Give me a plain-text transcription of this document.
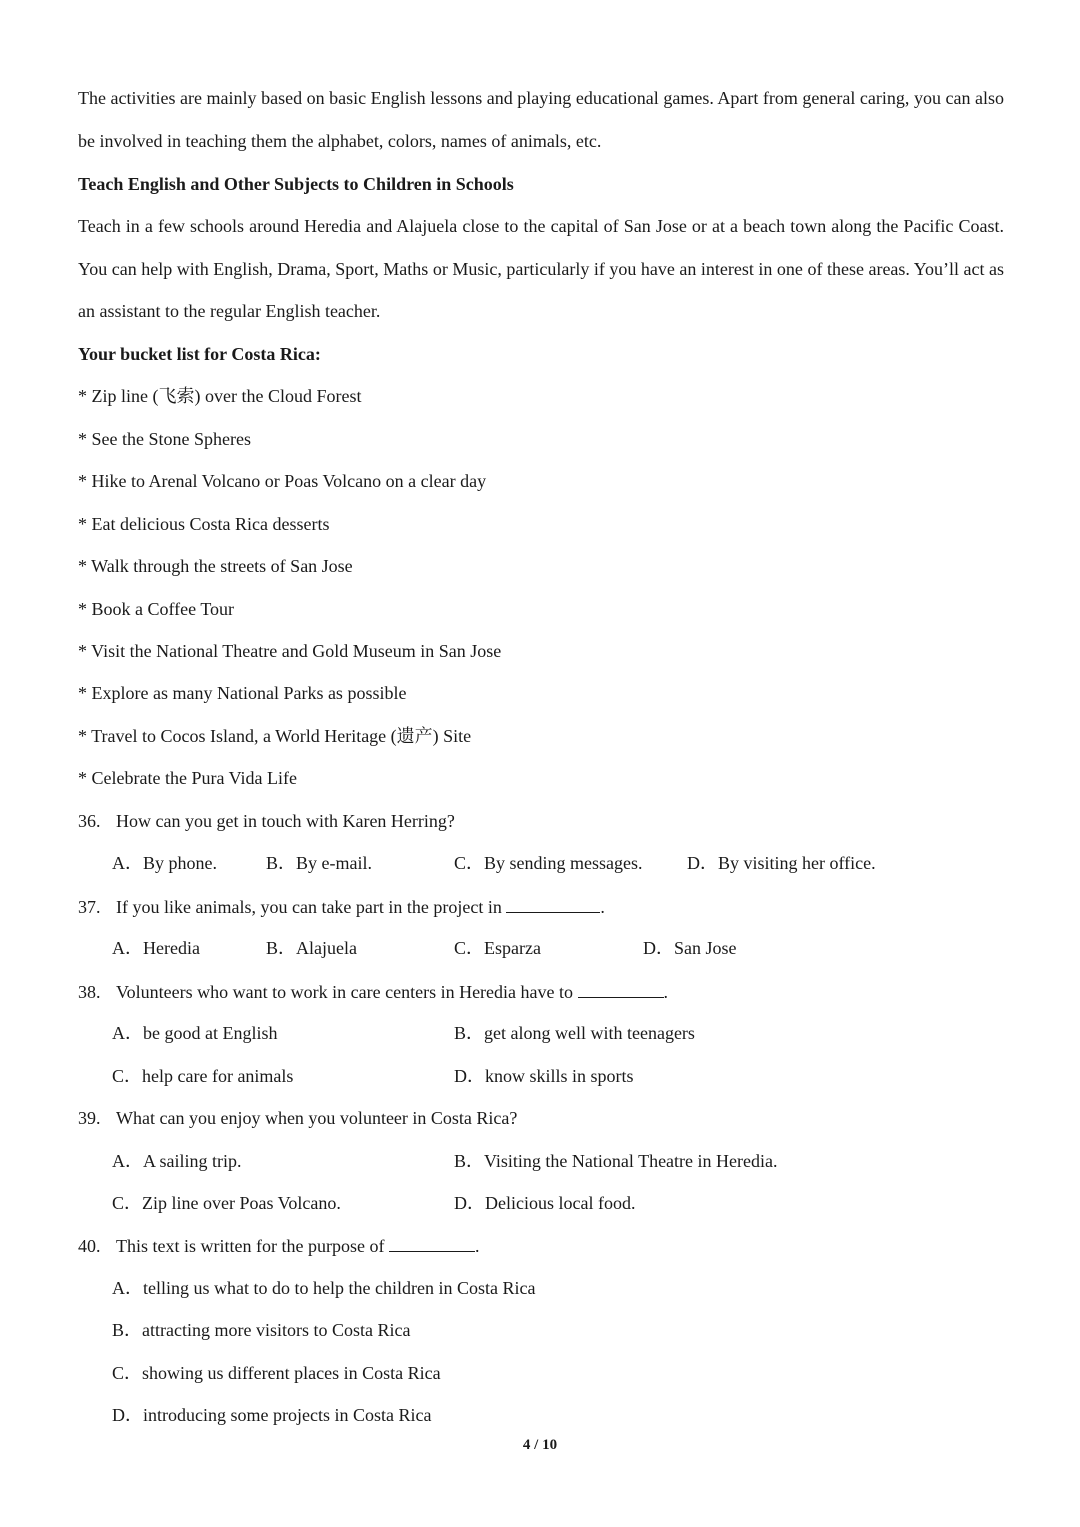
The activities are mainly based on basic English lessons and playing educational games. Apart from general caring, you can also be involved in teaching them the alphabet, colors, names of animals, etc.
Teach English and Other Subjects to Children in Schools
Teach in a few schools around Heredia and Alajuela close to the capital of San Jose or at a beach town along the Pacific Coast. You can help with English, Drama, Sport, Maths or Music, particularly if you have an interest in one of these areas. You’ll act as an assistant to the regular English teacher.
Your bucket list for Costa Rica:
* Zip line (飞索) over the Cloud Forest
* See the Stone Spheres
* Hike to Arenal Volcano or Poas Volcano on a clear day
* Eat delicious Costa Rica desserts
* Walk through the streets of San Jose
* Book a Coffee Tour
* Visit the National Theatre and Gold Museum in San Jose
* Explore as many National Parks as possible
* Travel to Cocos Island, a World Heritage (遗产) Site
* Celebrate the Pura Vida Life
36. How can you get in touch with Karen Herring?
A．By phone.	B．By e-mail.	C．By sending messages. D．By visiting her office.
37. If you like animals, you can take part in the project in	.
A．Heredia	B．Alajuela	C．Esparza	D．San Jose
38. Volunteers who want to work in care centers in Heredia have to	.
A．be good at English	B．get along well with teenagers
C．help care for animals	D．know skills in sports
39. What can you enjoy when you volunteer in Costa Rica?
A．A sailing trip.	B．Visiting the National Theatre in Heredia.
C．Zip line over Poas Volcano.	D．Delicious local food.
40. This text is written for the purpose of	.
A．telling us what to do to help the children in Costa Rica
B．attracting more visitors to Costa Rica
C．showing us different places in Costa Rica
D．introducing some projects in Costa Rica
4 / 10
